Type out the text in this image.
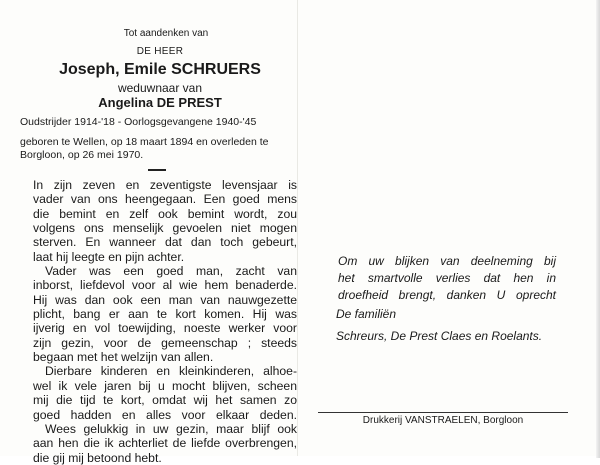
Tot aandenken van
DE HEER
Joseph, Emile SCHRUERS
weduwnaar van
Angelina DE PREST
Oudstrijder 1914-'18 - Oorlogsgevangene 1940-'45
geboren te Wellen, op 18 maart 1894 en overleden te
Borgloon, op 26 mei 1970.
In zijn zeven en zeventigste levensjaar is
vader van ons heengegaan. Een goed mens
die bemint en zelf ook bemint wordt, zou
volgens ons menselijk gevoelen niet mogen
sterven. En wanneer dat dan toch gebeurt,
laat hij leegte en pijn achter.
Vader was een goed man, zacht van
inborst, liefdevol voor al wie hem benaderde.
Hij was dan ook een man van nauwgezette
plicht, bang er aan te kort komen. Hij was
ijverig en vol toewijding, noeste werker voor
zijn gezin, voor de gemeenschap ; steeds
begaan met het welzijn van allen.
Dierbare kinderen en kleinkinderen, alhoe-
wel ik vele jaren bij u mocht blijven, scheen
mij die tijd te kort, omdat wij het samen zo
goed hadden en alles voor elkaar deden.
Wees gelukkig in uw gezin, maar blijf ook
aan hen die ik achterliet de liefde overbrengen,
die gij mij betoond hebt.
Om uw blijken van deelneming bij
het smartvolle verlies dat hen in
droefheid brengt, danken U oprecht
De familiën
Schreurs, De Prest Claes en Roelants.
Drukkerij VANSTRAELEN, Borgloon
